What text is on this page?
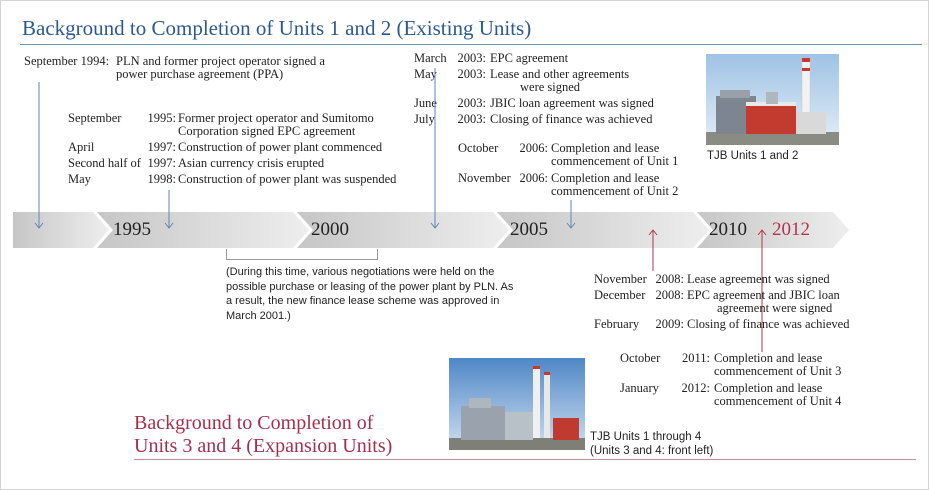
Background to Completion of Units 1 and 2 (Existing Units)
September 1994: PLN and former project operator signed a
power purchase agreement (PPA)
September 1995: Former project operator and Sumitomo
Corporation signed EPC agreement
April	1997: Construction of power plant commenced
Second half of 1997: Asian currency crisis erupted
May	1998: Construction of power plant was suspended
March 2003: EPC agreement
May	2003: Lease and other agreements
were signed
June	2003: JBIC loan agreement was signed
July	2003: Closing of finance was achieved
October	2006: Completion and lease
commencement of Unit 1
November 2006: Completion and lease
commencement of Unit 2
TJB Units 1 and 2
1995	2000	2005	2010 2012
(During this time, various negotiations were held on the possible purchase or leasing of the power plant by PLN. As a result, the new finance lease scheme was approved in March 2001.)
November 2008: Lease agreement was signed
December 2008: EPC agreement and JBIC loan
agreement were signed
February	2009: Closing of finance was achieved
October	2011: Completion and lease
commencement of Unit 3
January	2012: Completion and lease
commencement of Unit 4
TJB Units 1 through 4
(Units 3 and 4: front left)
Background to Completion of
Units 3 and 4 (Expansion Units)
